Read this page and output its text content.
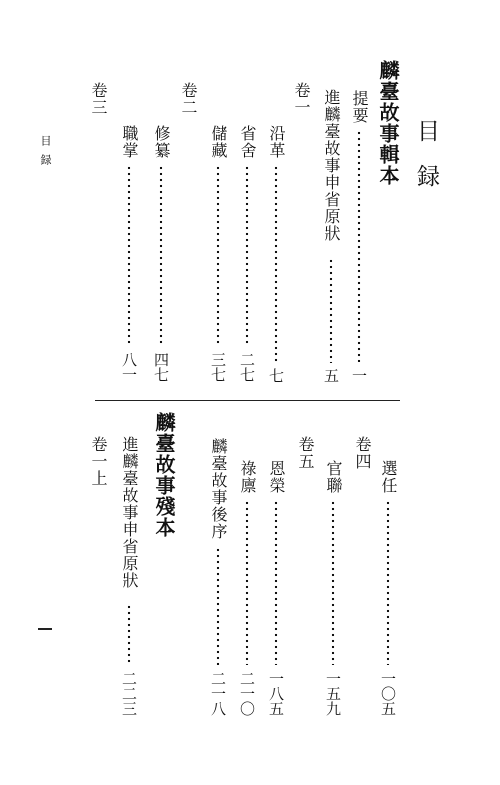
目録
目録	麟臺故事輯本
提要
一
進麟臺故事申省原狀
五
卷一
沿革
七
省舍
二七
儲藏
三七
卷二
修纂
四七
職掌
八一
卷三
選任
一〇五
卷四
官聯
一五九
卷五
恩榮
一八五
祿廪
二一〇
麟臺故事後序
二一八
麟臺故事殘本
進麟臺故事申省原狀
二二三
卷一上
